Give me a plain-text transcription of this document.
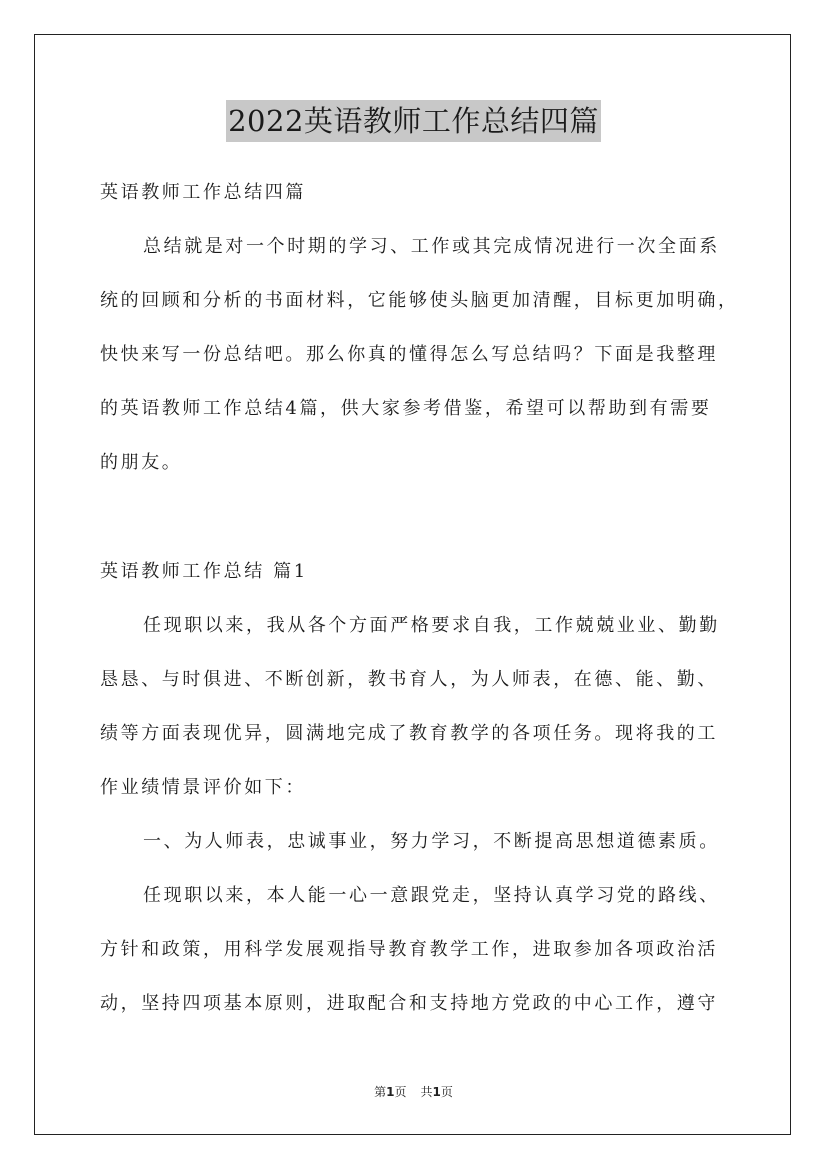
2022英语教师工作总结四篇
英语教师工作总结四篇
总结就是对一个时期的学习、工作或其完成情况进行一次全面系
统的回顾和分析的书面材料，它能够使头脑更加清醒，目标更加明确，
快快来写一份总结吧。那么你真的懂得怎么写总结吗？下面是我整理
的英语教师工作总结4篇，供大家参考借鉴，希望可以帮助到有需要
的朋友。
英语教师工作总结 篇1
任现职以来，我从各个方面严格要求自我，工作兢兢业业、勤勤
恳恳、与时俱进、不断创新，教书育人，为人师表，在德、能、勤、
绩等方面表现优异，圆满地完成了教育教学的各项任务。现将我的工
作业绩情景评价如下：
一、为人师表，忠诚事业，努力学习，不断提高思想道德素质。
任现职以来，本人能一心一意跟党走，坚持认真学习党的路线、
方针和政策，用科学发展观指导教育教学工作，进取参加各项政治活
动，坚持四项基本原则，进取配合和支持地方党政的中心工作，遵守
第1页 共1页
